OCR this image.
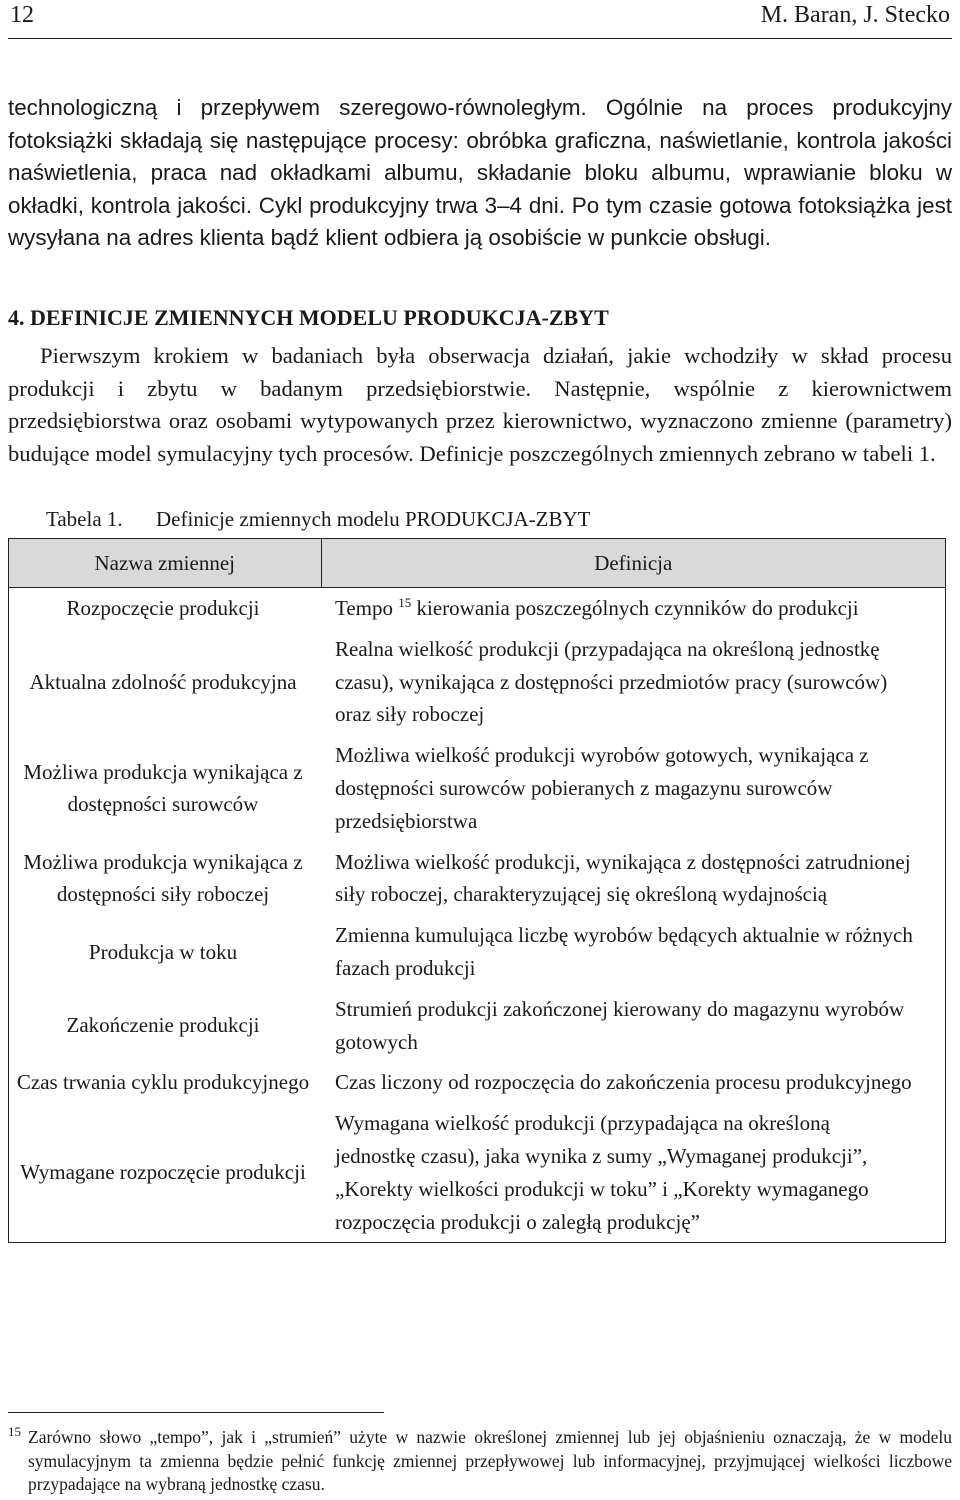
12	M. Baran, J. Stecko

technologiczną i przepływem szeregowo-równoległym. Ogólnie na proces produkcyjny fotoksiążki składają się następujące procesy: obróbka graficzna, naświetlanie, kontrola jakości naświetlenia, praca nad okładkami albumu, składanie bloku albumu, wprawianie bloku w okładki, kontrola jakości. Cykl produkcyjny trwa 3–4 dni. Po tym czasie gotowa fotoksiążka jest wysyłana na adres klienta bądź klient odbiera ją osobiście w punkcie obsługi.

4. DEFINICJE ZMIENNYCH MODELU PRODUKCJA-ZBYT

Pierwszym krokiem w badaniach była obserwacja działań, jakie wchodziły w skład procesu produkcji i zbytu w badanym przedsiębiorstwie. Następnie, wspólnie z kierownictwem przedsiębiorstwa oraz osobami wytypowanych przez kierownictwo, wyznaczono zmienne (parametry) budujące model symulacyjny tych procesów. Definicje poszczególnych zmiennych zebrano w tabeli 1.

Tabela 1. Definicje zmiennych modelu PRODUKCJA-ZBYT
Nazwa zmiennej	Definicja
Rozpoczęcie produkcji	Tempo $^{15}$ kierowania poszczególnych czynników do produkcji
Aktualna zdolność produkcyjna	Realna wielkość produkcji (przypadająca na określoną jednostkę czasu), wynikająca z dostępności przedmiotów pracy (surowców) oraz siły roboczej
Możliwa produkcja wynikająca z dostępności surowców	Możliwa wielkość produkcji wyrobów gotowych, wynikająca z dostępności surowców pobieranych z magazynu surowców przedsiębiorstwa
Możliwa produkcja wynikająca z dostępności siły roboczej	Możliwa wielkość produkcji, wynikająca z dostępności zatrudnionej siły roboczej, charakteryzującej się określoną wydajnością
Produkcja w toku	Zmienna kumulująca liczbę wyrobów będących aktualnie w różnych fazach produkcji
Zakończenie produkcji	Strumień produkcji zakończonej kierowany do magazynu wyrobów gotowych
Czas trwania cyklu produkcyjnego	Czas liczony od rozpoczęcia do zakończenia procesu produkcyjnego
Wymagane rozpoczęcie produkcji	Wymagana wielkość produkcji (przypadająca na określoną jednostkę czasu), jaka wynika z sumy „Wymaganej produkcji”, „Korekty wielkości produkcji w toku” i „Korekty wymaganego rozpoczęcia produkcji o zaległą produkcję”
15 Zarówno słowo „tempo”, jak i „strumień” użyte w nazwie określonej zmiennej lub jej objaśnieniu oznaczają, że w modelu symulacyjnym ta zmienna będzie pełnić funkcję zmiennej przepływowej lub informacyjnej, przyjmującej wielkości liczbowe przypadające na wybraną jednostkę czasu.
